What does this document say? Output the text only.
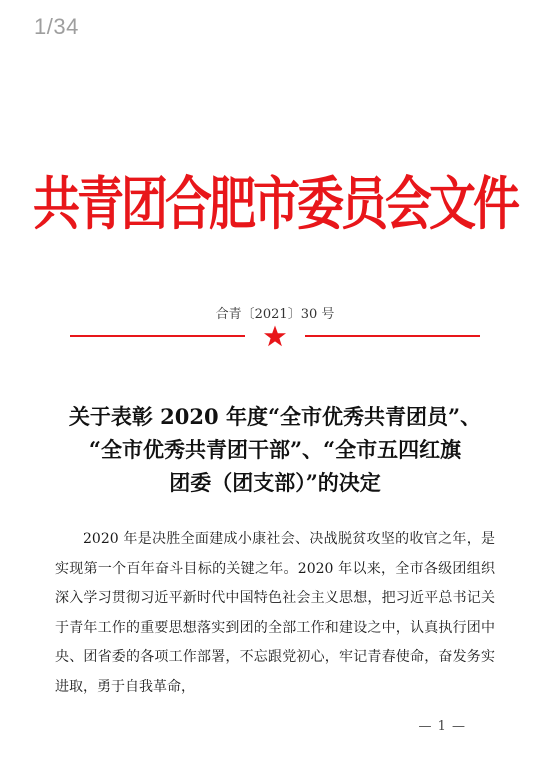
1/34
共青团合肥市委员会文件
合青〔2021〕30 号
关于表彰 2020 年度“全市优秀共青团员”、
“全市优秀共青团干部”、“全市五四红旗
团委（团支部）”的决定

2020 年是决胜全面建成小康社会、决战脱贫攻坚的收官之年，是实现第一个百年奋斗目标的关键之年。2020 年以来，全市各级团组织深入学习贯彻习近平新时代中国特色社会主义思想，把习近平总书记关于青年工作的重要思想落实到团的全部工作和建设之中，认真执行团中央、团省委的各项工作部署，不忘跟党初心，牢记青春使命，奋发务实进取，勇于自我革命，

— 1 —
